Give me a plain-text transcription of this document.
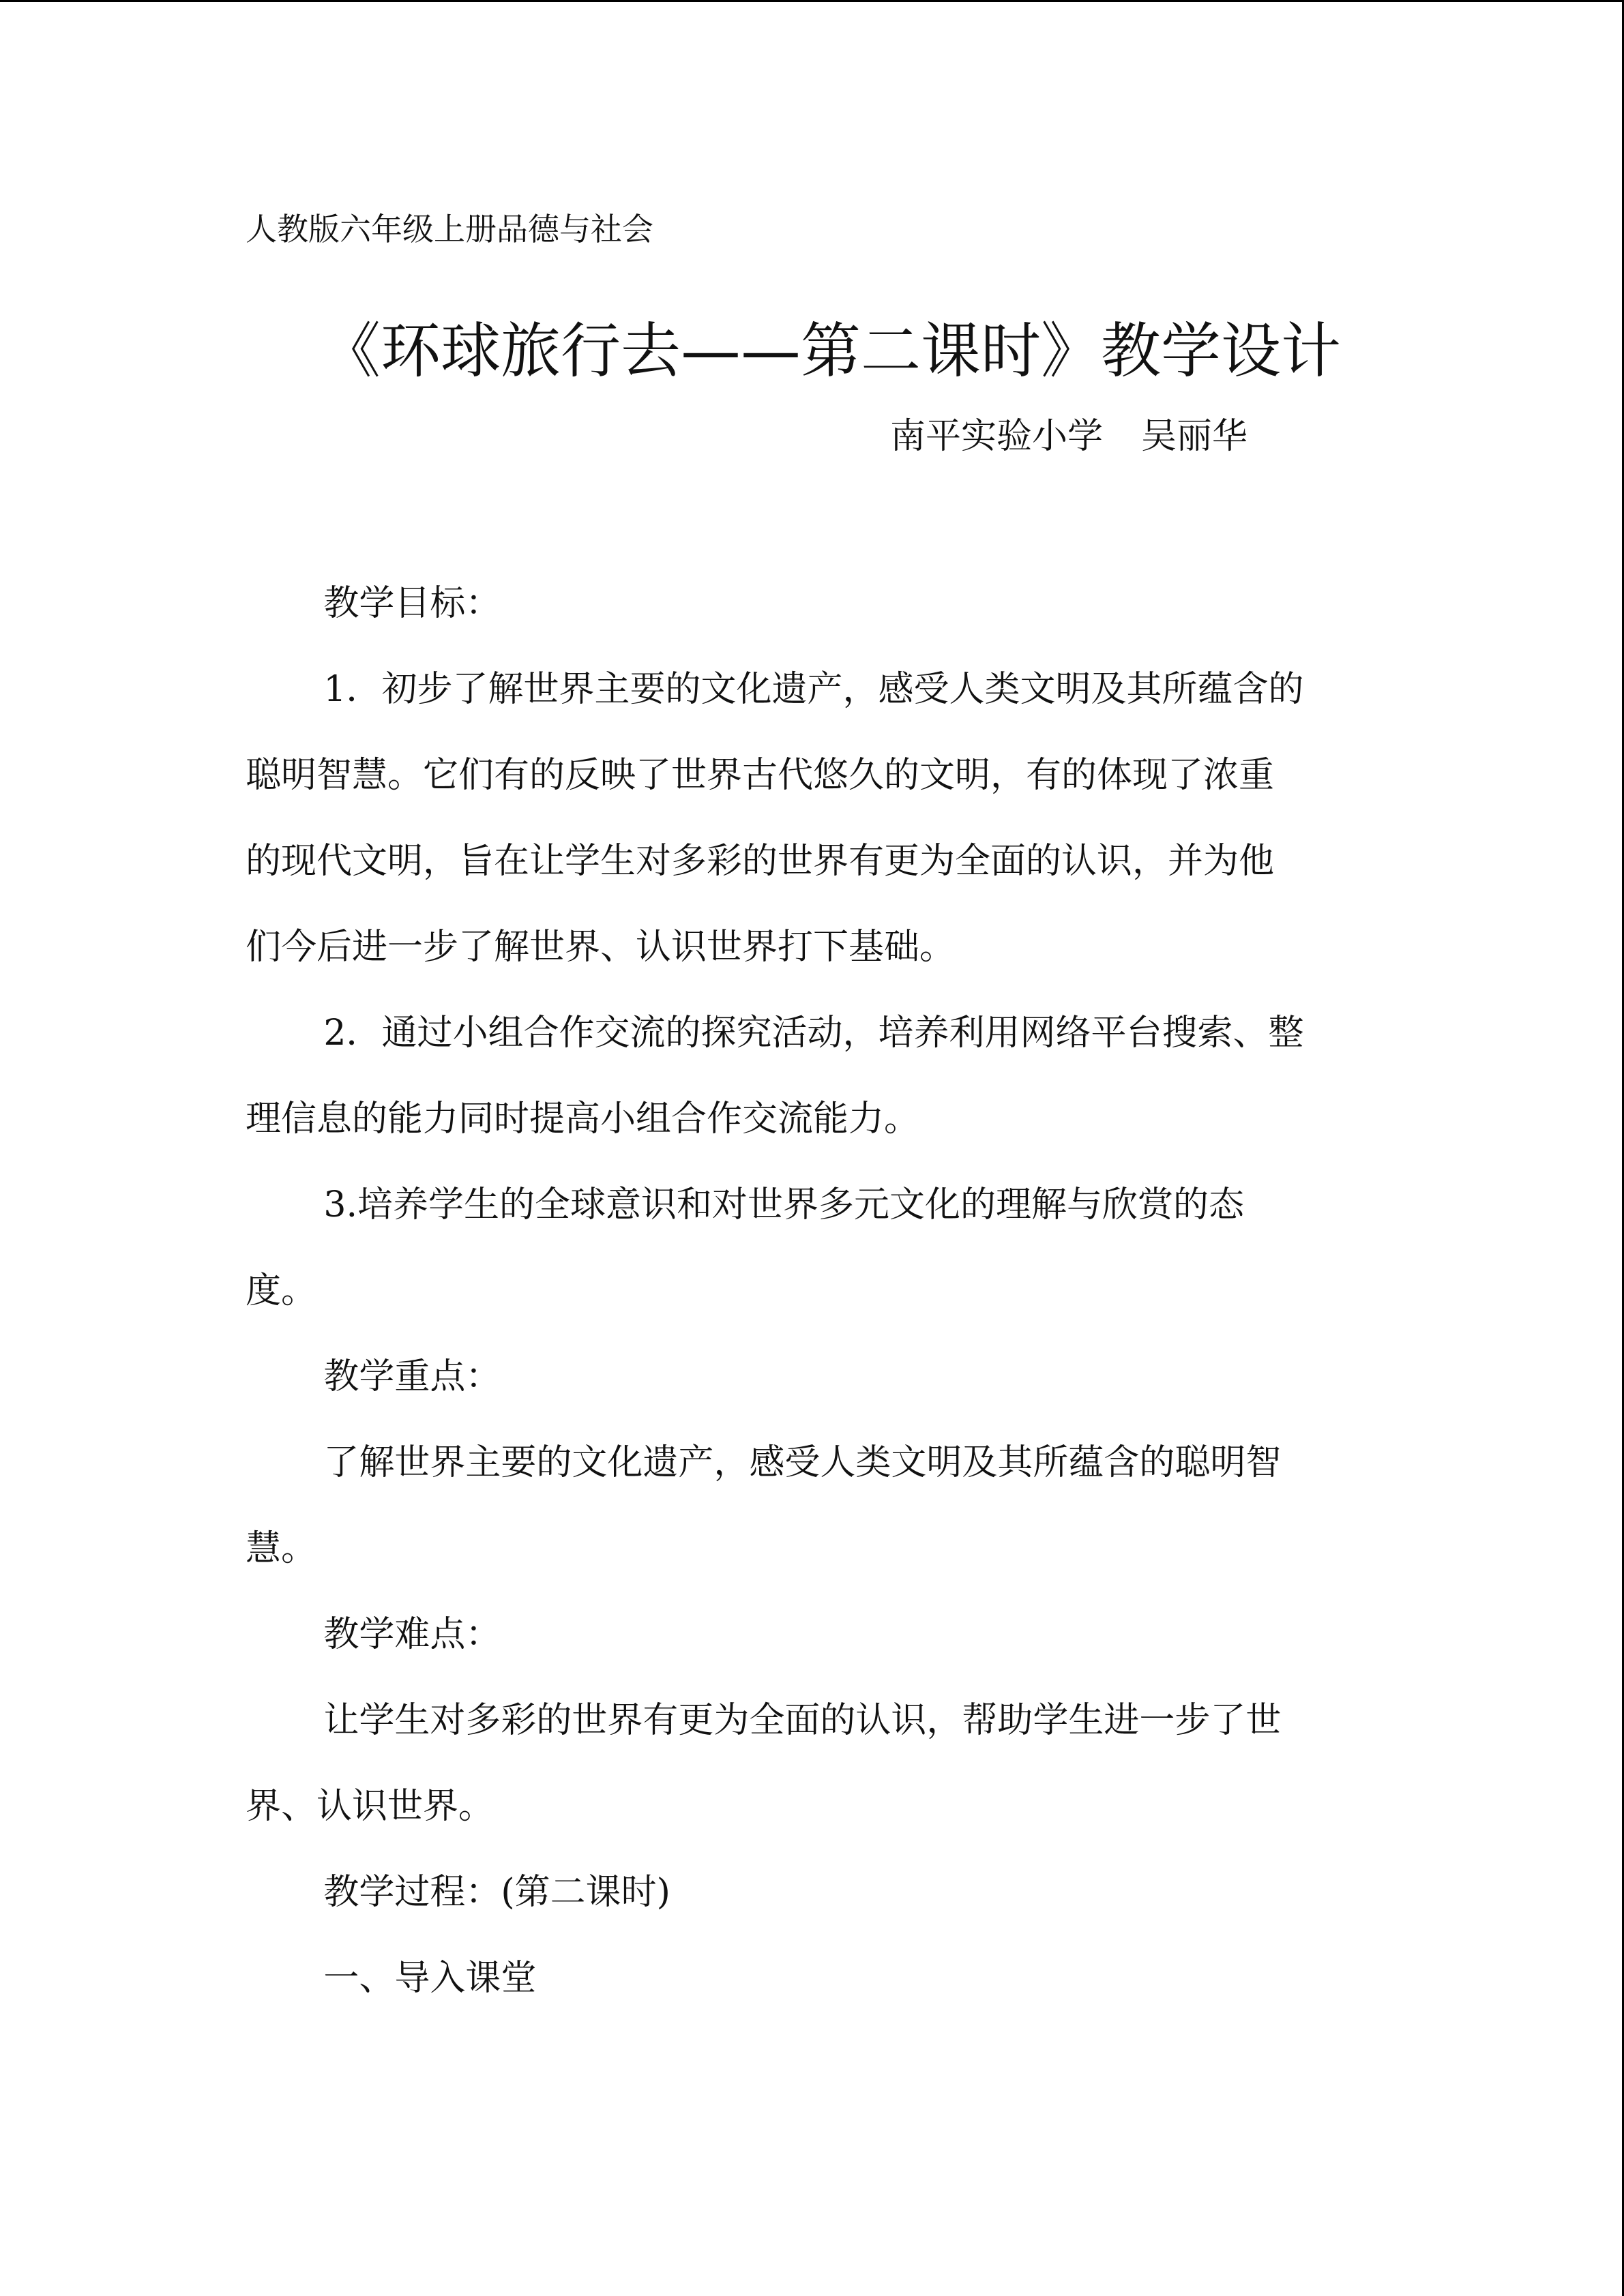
人教版六年级上册品德与社会
《环球旅行去——第二课时》教学设计
南平实验小学 吴丽华

教学目标：

1．初步了解世界主要的文化遗产，感受人类文明及其所蕴含的

聪明智慧。它们有的反映了世界古代悠久的文明，有的体现了浓重

的现代文明，旨在让学生对多彩的世界有更为全面的认识，并为他

们今后进一步了解世界、认识世界打下基础。

2．通过小组合作交流的探究活动，培养利用网络平台搜索、整

理信息的能力同时提高小组合作交流能力。

3.培养学生的全球意识和对世界多元文化的理解与欣赏的态

度。

教学重点：

了解世界主要的文化遗产，感受人类文明及其所蕴含的聪明智

慧。

教学难点：

让学生对多彩的世界有更为全面的认识，帮助学生进一步了世

界、认识世界。

教学过程：(第二课时)

一、导入课堂
